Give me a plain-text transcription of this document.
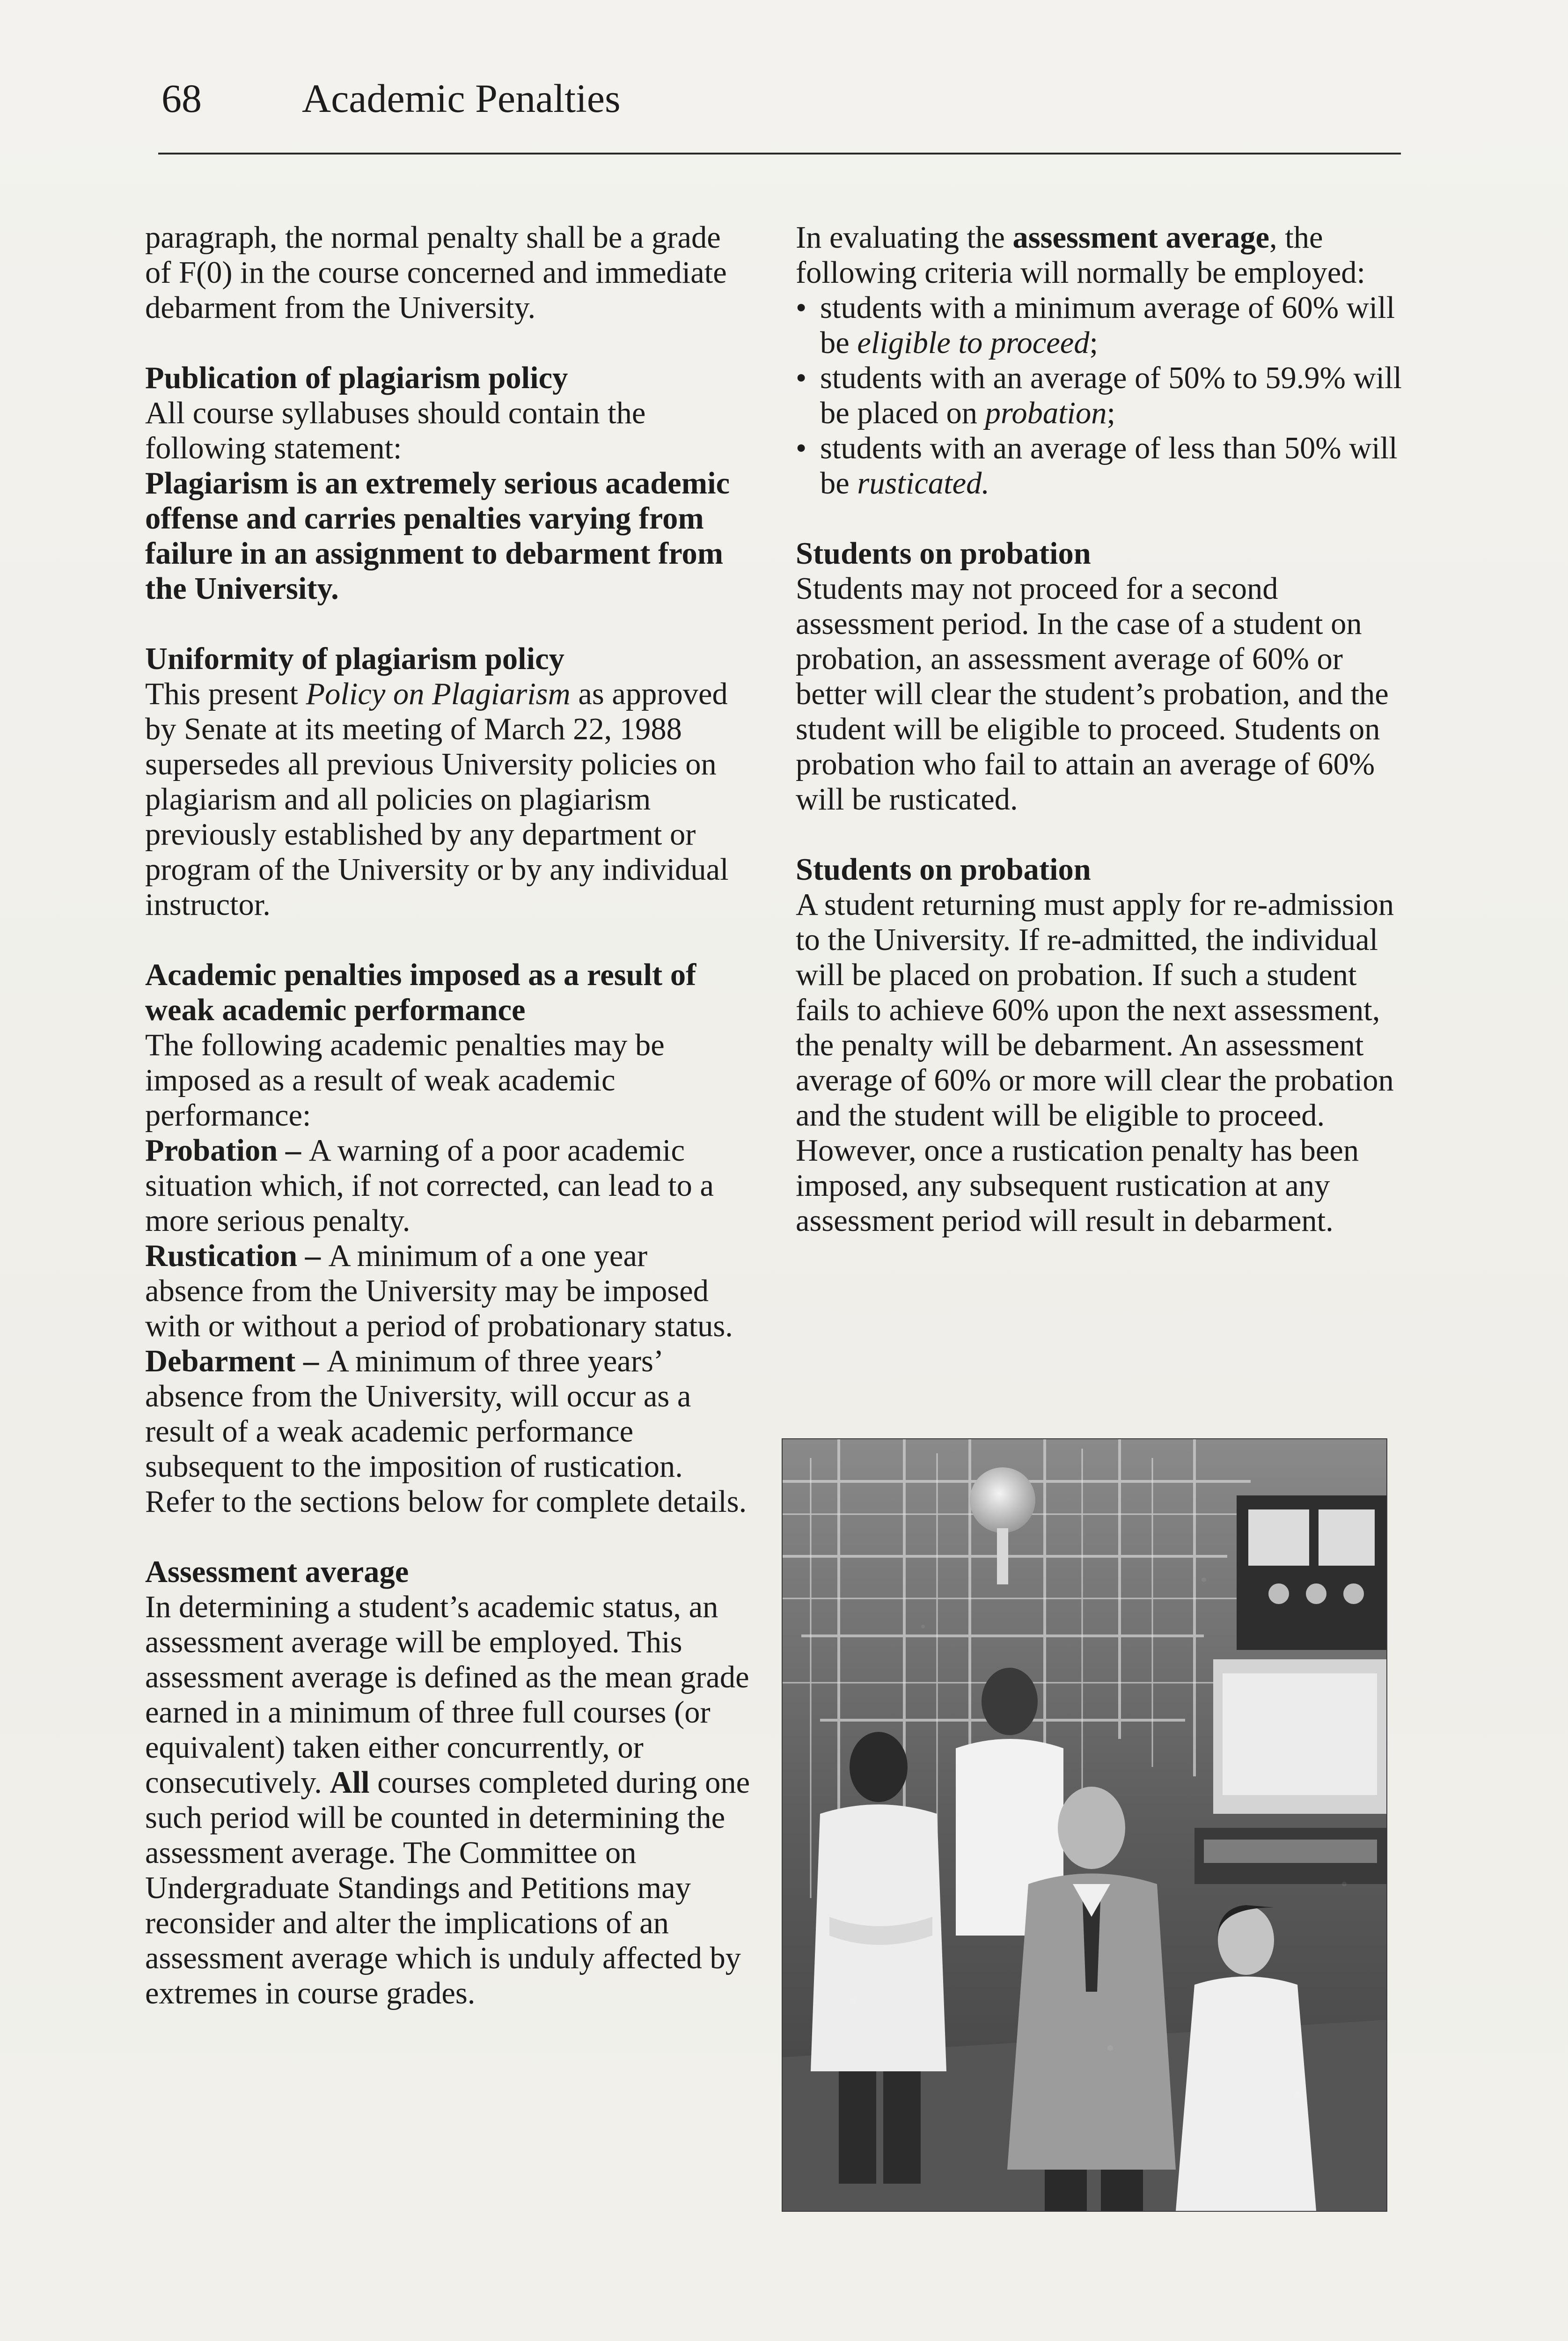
68 Academic Penalties

paragraph, the normal penalty shall be a grade of F(0) in the course concerned and immediate debarment from the University.

Publication of plagiarism policy

All course syllabuses should contain the following statement:

Plagiarism is an extremely serious academic offense and carries penalties varying from failure in an assignment to debarment from the University.

Uniformity of plagiarism policy

This present Policy on Plagiarism as approved by Senate at its meeting of March 22, 1988 supersedes all previous University policies on plagiarism and all policies on plagiarism previously established by any department or program of the University or by any individual instructor.

Academic penalties imposed as a result of weak academic performance

The following academic penalties may be imposed as a result of weak academic performance:

Probation – A warning of a poor academic situation which, if not corrected, can lead to a more serious penalty.

Rustication – A minimum of a one year absence from the University may be imposed with or without a period of probationary status.

Debarment – A minimum of three years’ absence from the University, will occur as a result of a weak academic performance subsequent to the imposition of rustication. Refer to the sections below for complete details.

Assessment average

In determining a student’s academic status, an assessment average will be employed. This assessment average is defined as the mean grade earned in a minimum of three full courses (or equivalent) taken either concurrently, or consecutively. All courses completed during one such period will be counted in determining the assessment average. The Committee on Undergraduate Standings and Petitions may reconsider and alter the implications of an assessment average which is unduly affected by extremes in course grades.

In evaluating the assessment average, the following criteria will normally be employed:

• students with a minimum average of 60% will be eligible to proceed;
• students with an average of 50% to 59.9% will be placed on probation;
• students with an average of less than 50% will be rusticated.

Students on probation

Students may not proceed for a second assessment period. In the case of a student on probation, an assessment average of 60% or better will clear the student’s probation, and the student will be eligible to proceed. Students on probation who fail to attain an average of 60% will be rusticated.

Students on probation

A student returning must apply for re-admission to the University. If re-admitted, the individual will be placed on probation. If such a student fails to achieve 60% upon the next assessment, the penalty will be debarment. An assessment average of 60% or more will clear the probation and the student will be eligible to proceed. However, once a rustication penalty has been imposed, any subsequent rustication at any assessment period will result in debarment.
